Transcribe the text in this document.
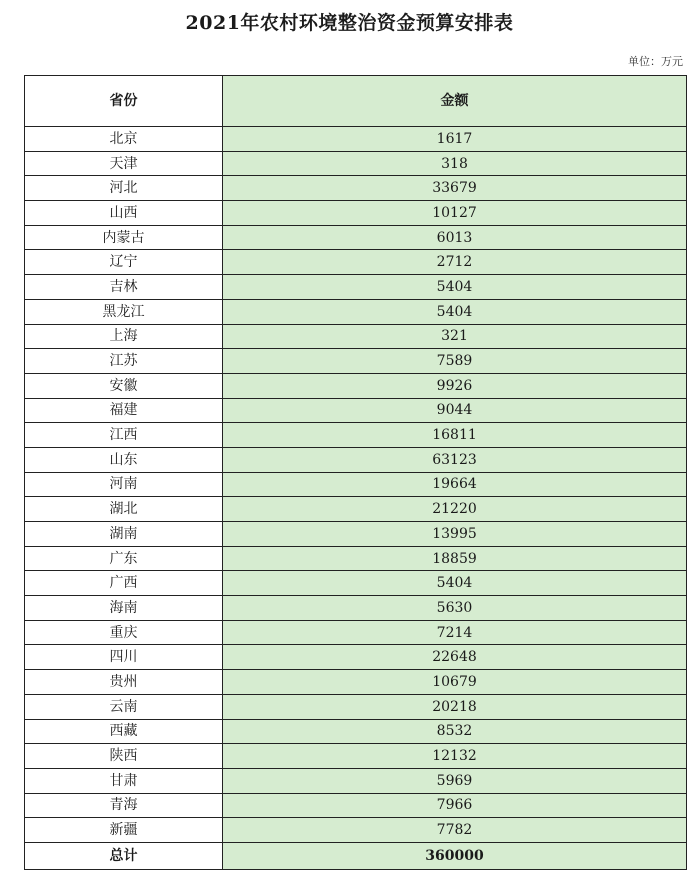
2021年农村环境整治资金预算安排表
单位：万元
省份	金额
北京	1617
天津	318
河北	33679
山西	10127
内蒙古	6013
辽宁	2712
吉林	5404
黑龙江	5404
上海	321
江苏	7589
安徽	9926
福建	9044
江西	16811
山东	63123
河南	19664
湖北	21220
湖南	13995
广东	18859
广西	5404
海南	5630
重庆	7214
四川	22648
贵州	10679
云南	20218
西藏	8532
陕西	12132
甘肃	5969
青海	7966
新疆	7782
总计	360000
